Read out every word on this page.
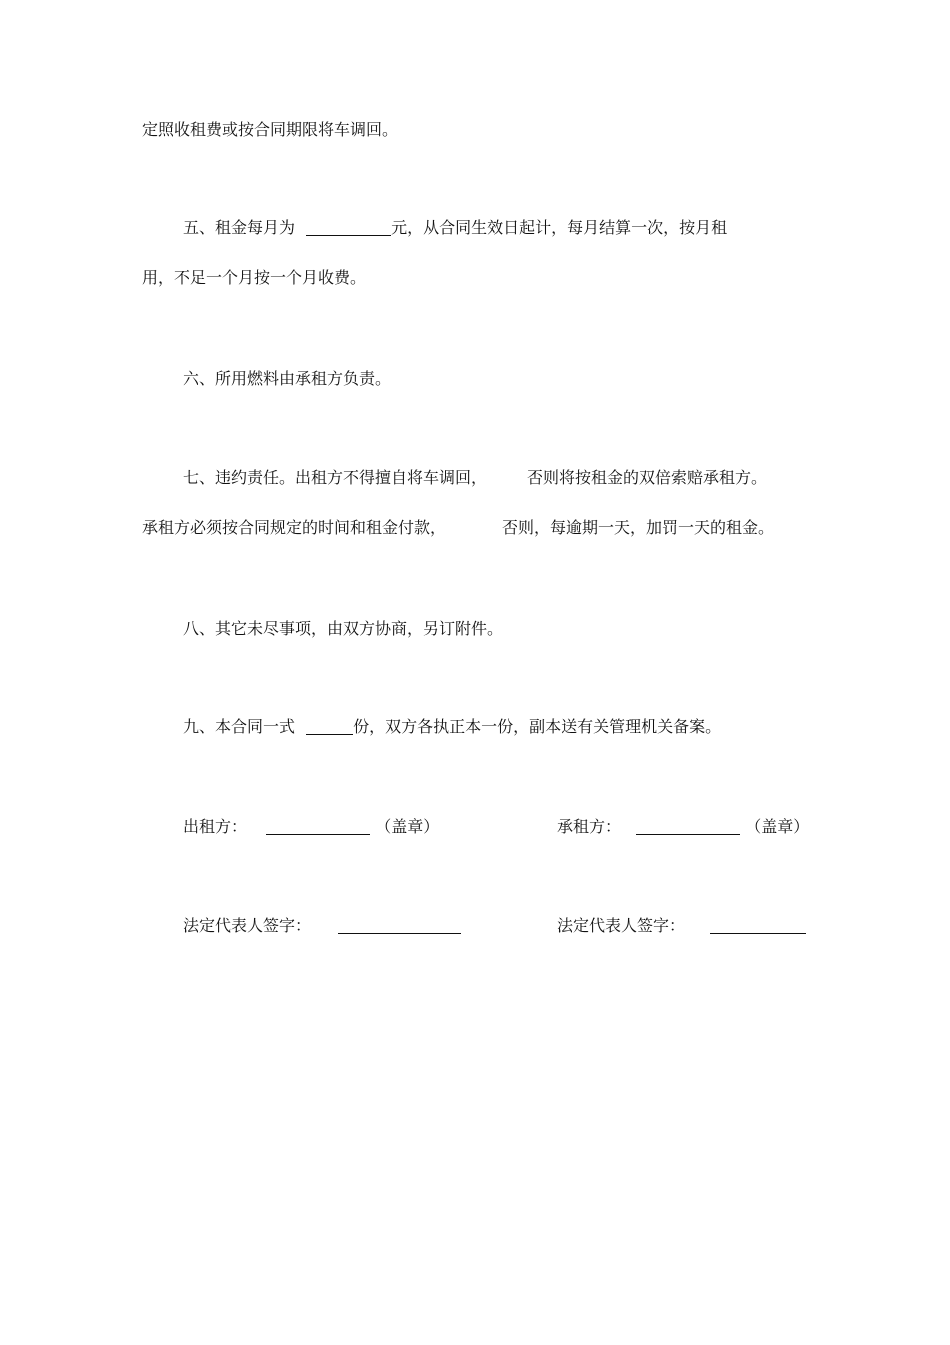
定照收租费或按合同期限将车调回。
五、租金每月为	元，从合同生效日起计，每月结算一次，按月租
用，不足一个月按一个月收费。
六、所用燃料由承租方负责。
七、违约责任。出租方不得擅自将车调回， 否则将按租金的双倍索赔承租方。
承租方必须按合同规定的时间和租金付款，	否则，每逾期一天，加罚一天的租金。
八、其它未尽事项，由双方协商，另订附件。
九、本合同一式	份，双方各执正本一份，副本送有关管理机关备案。
出租方：	（盖章）	承租方：	（盖章）
法定代表人签字：	法定代表人签字：
